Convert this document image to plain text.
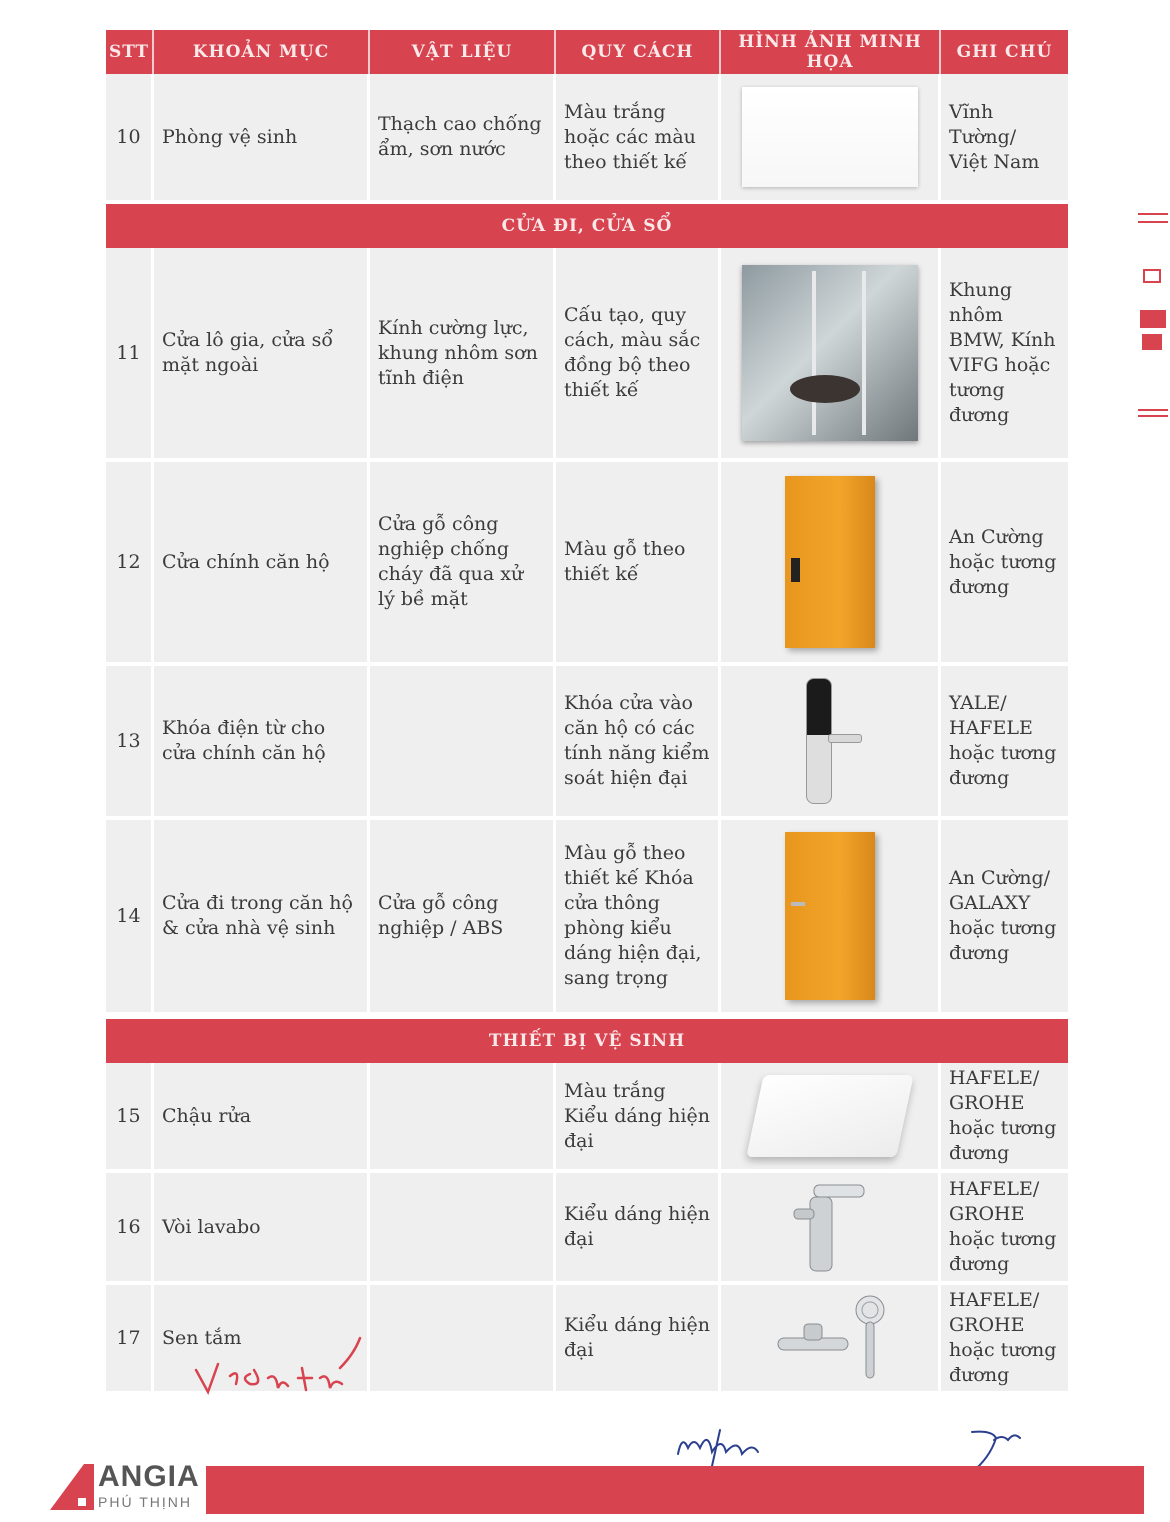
STT	KHOẢN MỤC	VẬT LIỆU	QUY CÁCH	HÌNH ẢNH MINH HỌA	GHI CHÚ
10	Phòng vệ sinh	Thạch cao chống ẩm, sơn nước	Màu trắng hoặc các màu theo thiết kế		Vĩnh Tường/ Việt Nam
CỬA ĐI, CỬA SỔ					
11	Cửa lô gia, cửa sổ mặt ngoài	Kính cường lực, khung nhôm sơn tĩnh điện	Cấu tạo, quy cách, màu sắc đồng bộ theo thiết kế		Khung nhôm BMW, Kính VIFG hoặc tương đương
12	Cửa chính căn hộ	Cửa gỗ công nghiệp chống cháy đã qua xử lý bề mặt	Màu gỗ theo thiết kế		An Cường hoặc tương đương
13	Khóa điện từ cho cửa chính căn hộ		Khóa cửa vào căn hộ có các tính năng kiểm soát hiện đại		YALE/ HAFELE hoặc tương đương
14	Cửa đi trong căn hộ & cửa nhà vệ sinh	Cửa gỗ công nghiệp / ABS	Màu gỗ theo thiết kế Khóa cửa thông phòng kiểu dáng hiện đại, sang trọng		An Cường/ GALAXY hoặc tương đương
THIẾT BỊ VỆ SINH					
15	Chậu rửa		Màu trắng Kiểu dáng hiện đại		HAFELE/ GROHE hoặc tương đương
16	Vòi lavabo		Kiểu dáng hiện đại		HAFELE/ GROHE hoặc tương đương
17	Sen tắm		Kiểu dáng hiện đại		HAFELE/ GROHE hoặc tương đương
ANGIA
PHÚ THỊNH
